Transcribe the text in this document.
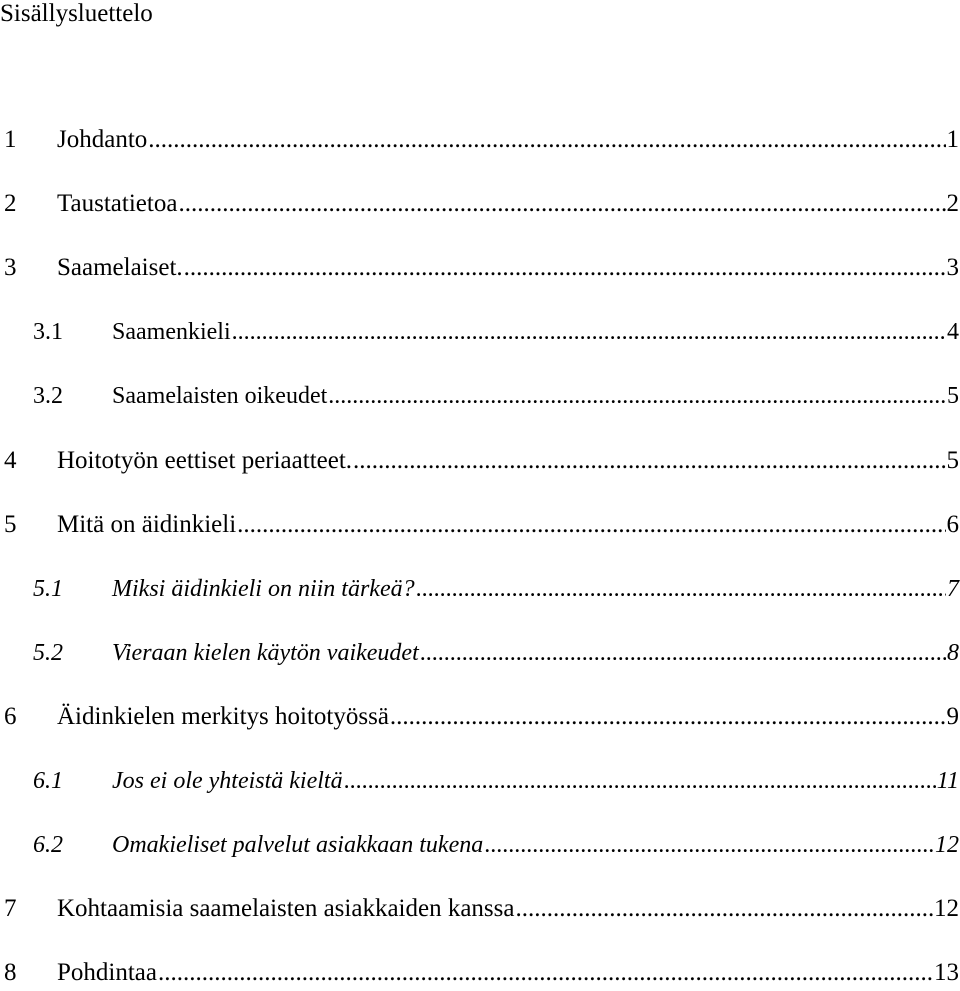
Sisällysluettelo
1	Johdanto .....	1
2	Taustatietoa .....	2
3	Saamelaiset. .....	3
3.1	Saamenkieli .....	4
3.2	Saamelaisten oikeudet .....	5
4	Hoitotyön eettiset periaatteet. .....	5
5	Mitä on äidinkieli .....	6
5.1	Miksi äidinkieli on niin tärkeä? .....	7
5.2	Vieraan kielen käytön vaikeudet .....	8
6	Äidinkielen merkitys hoitotyössä .....	9
6.1	Jos ei ole yhteistä kieltä .....	11
6.2	Omakieliset palvelut asiakkaan tukena .....	12
7	Kohtaamisia saamelaisten asiakkaiden kanssa .....	12
8	Pohdintaa .....	13
